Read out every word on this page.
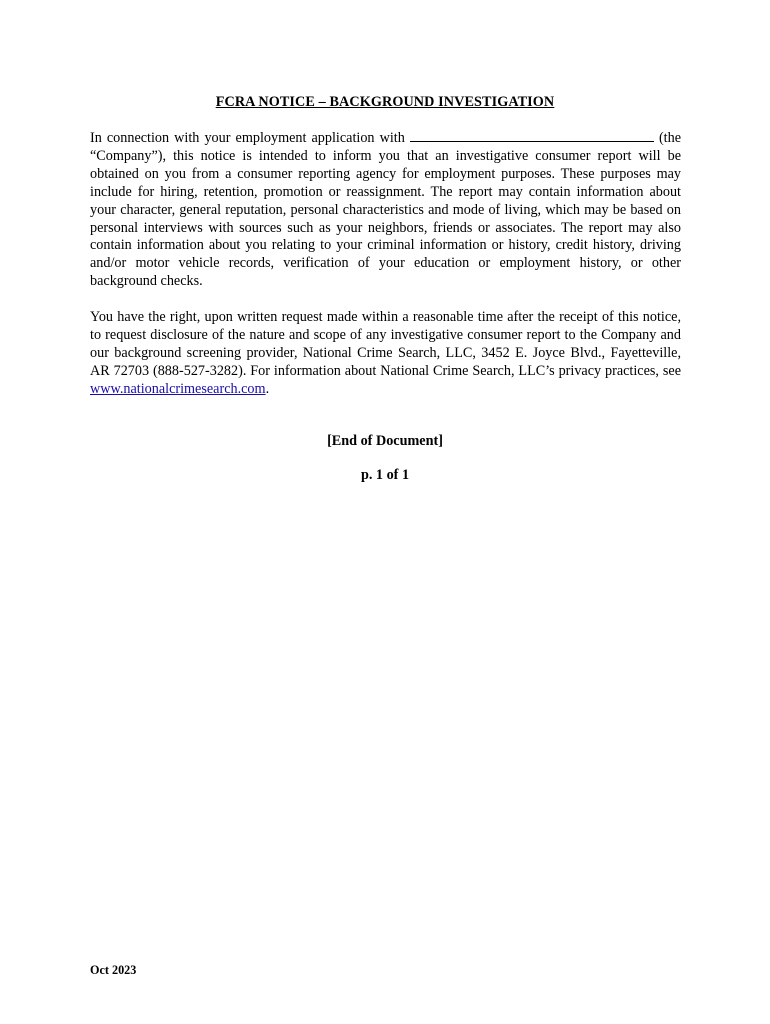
FCRA NOTICE – BACKGROUND INVESTIGATION

In connection with your employment application with	(the “Company”), this notice is intended to inform you that an investigative consumer report will be obtained on you from a consumer reporting agency for employment purposes. These purposes may include for hiring, retention, promotion or reassignment. The report may contain information about your character, general reputation, personal characteristics and mode of living, which may be based on personal interviews with sources such as your neighbors, friends or associates. The report may also contain information about you relating to your criminal information or history, credit history, driving and/or motor vehicle records, verification of your education or employment history, or other background checks.

You have the right, upon written request made within a reasonable time after the receipt of this notice, to request disclosure of the nature and scope of any investigative consumer report to the Company and our background screening provider, National Crime Search, LLC, 3452 E. Joyce Blvd., Fayetteville, AR 72703 (888-527-3282). For information about National Crime Search, LLC’s privacy practices, see www.nationalcrimesearch.com.

[End of Document]
p. 1 of 1
Oct 2023
